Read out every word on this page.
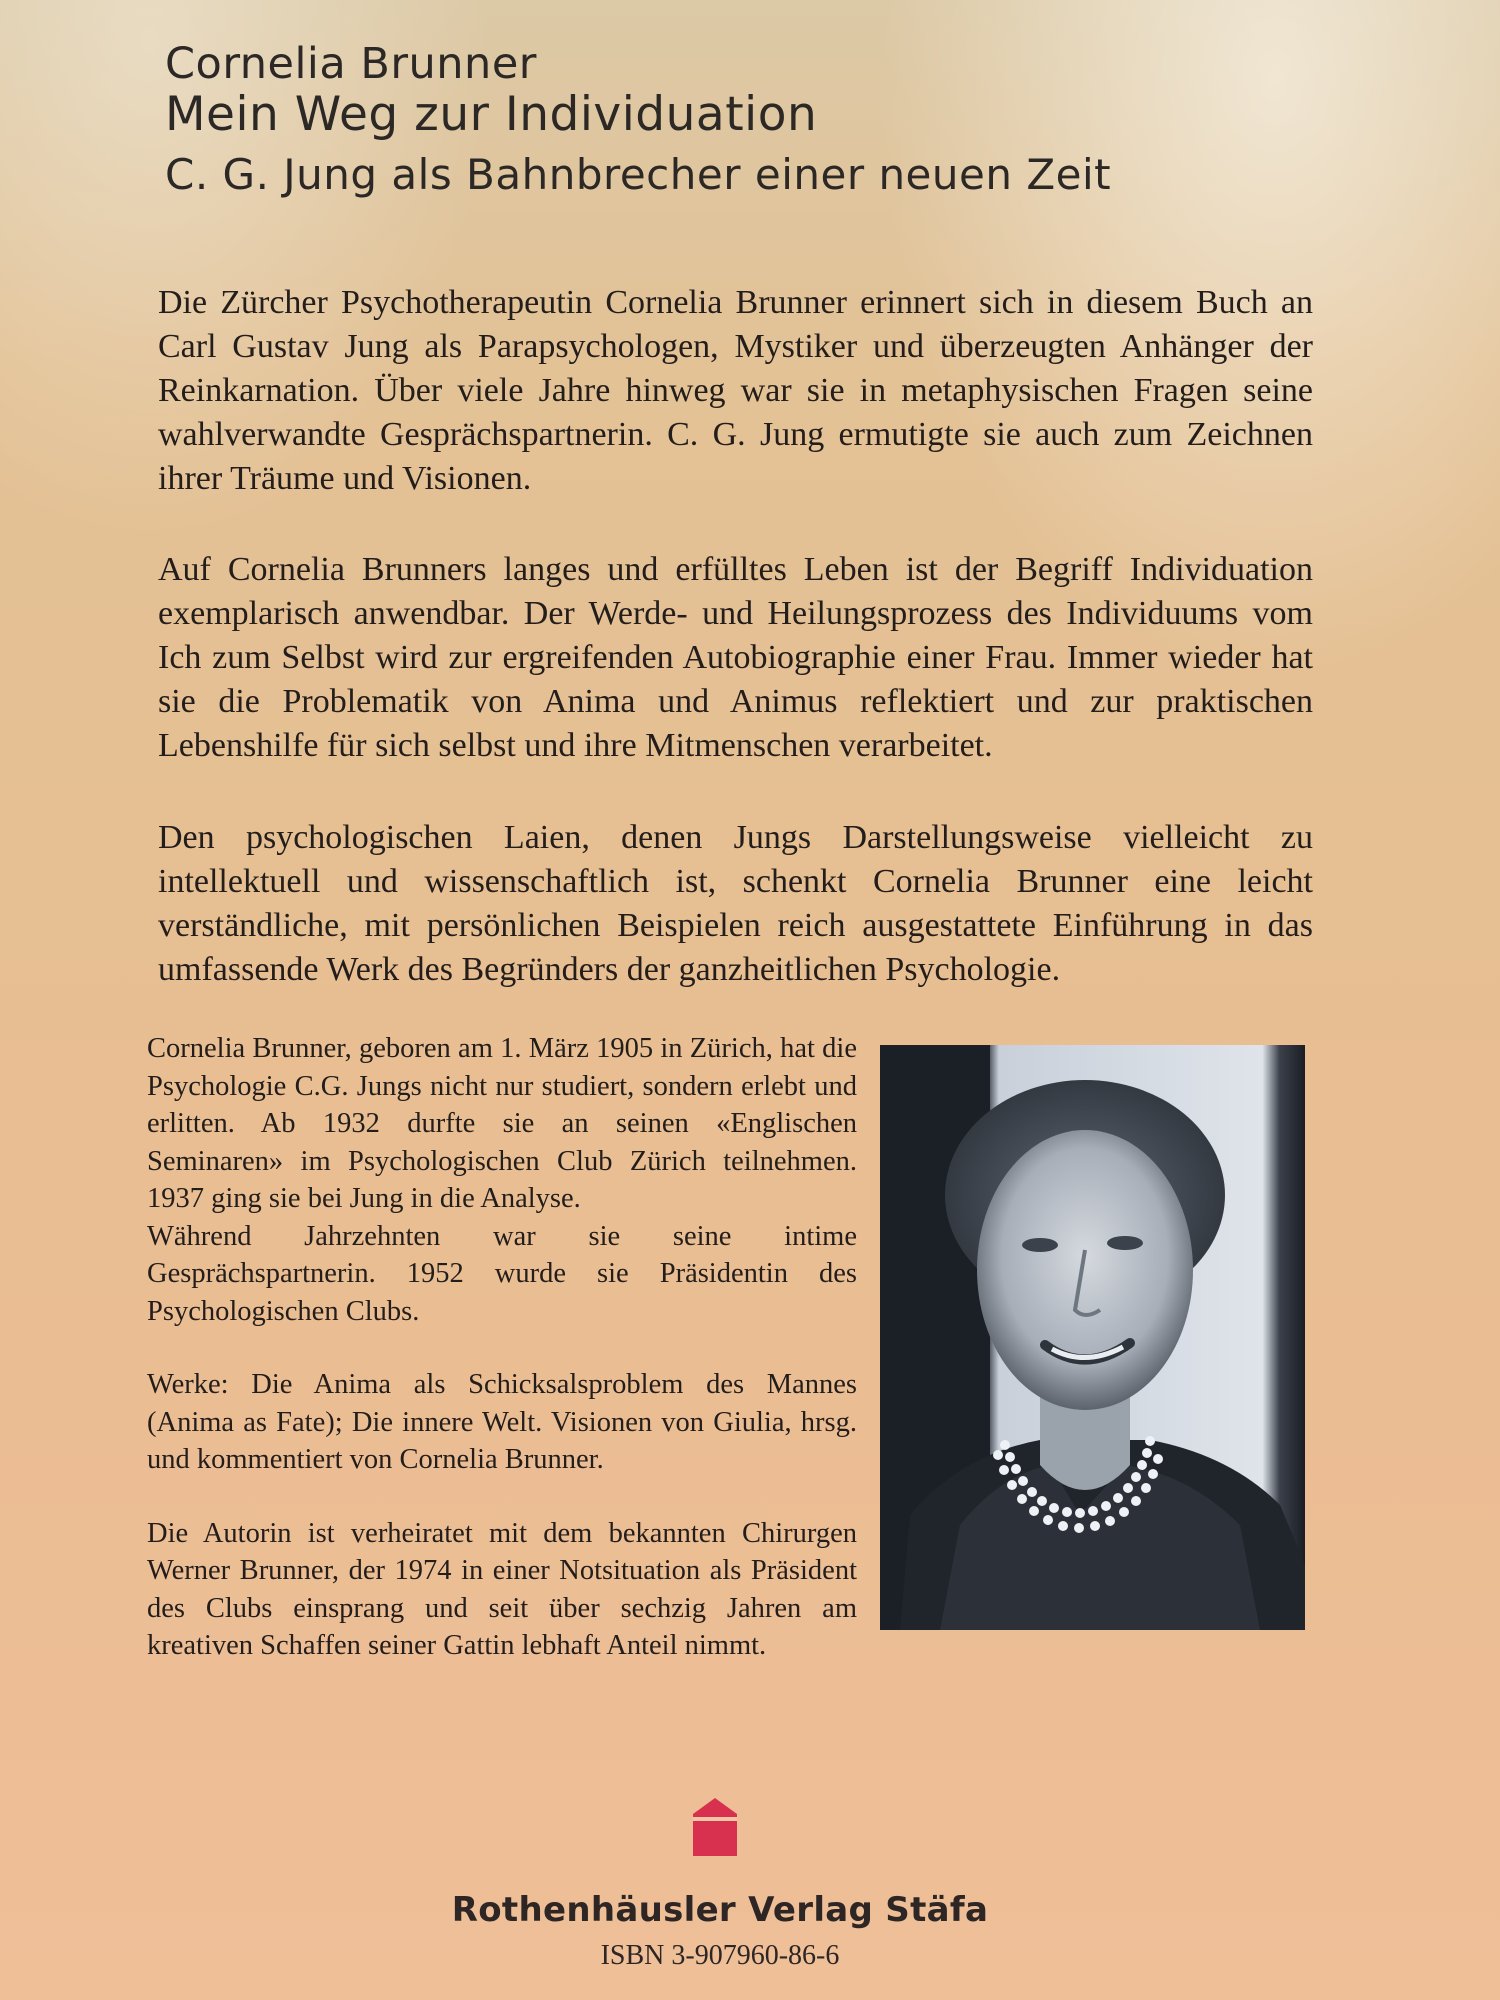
Cornelia Brunner
Mein Weg zur Individuation
C. G. Jung als Bahnbrecher einer neuen Zeit

Die Zürcher Psychotherapeutin Cornelia Brunner erinnert sich in diesem Buch an Carl Gustav Jung als Parapsychologen, Mystiker und überzeugten Anhänger der Reinkarnation. Über viele Jahre hinweg war sie in metaphysischen Fragen seine wahlverwandte Gesprächspartnerin. C. G. Jung ermutigte sie auch zum Zeichnen ihrer Träume und Visionen.

Auf Cornelia Brunners langes und erfülltes Leben ist der Begriff Individuation exemplarisch anwendbar. Der Werde- und Heilungsprozess des Individuums vom Ich zum Selbst wird zur ergreifenden Autobiographie einer Frau. Immer wieder hat sie die Problematik von Anima und Animus reflektiert und zur praktischen Lebenshilfe für sich selbst und ihre Mitmenschen verarbeitet.

Den psychologischen Laien, denen Jungs Darstellungsweise vielleicht zu intellektuell und wissenschaftlich ist, schenkt Cornelia Brunner eine leicht verständliche, mit persönlichen Beispielen reich ausgestattete Einführung in das umfassende Werk des Begründers der ganzheitlichen Psychologie.

Cornelia Brunner, geboren am 1. März 1905 in Zürich, hat die Psychologie C.G. Jungs nicht nur studiert, sondern erlebt und erlitten. Ab 1932 durfte sie an seinen «Englischen Seminaren» im Psychologischen Club Zürich teilnehmen. 1937 ging sie bei Jung in die Analyse.

Während Jahrzehnten war sie seine intime Gesprächspartnerin. 1952 wurde sie Präsidentin des Psychologischen Clubs.

Werke: Die Anima als Schicksalsproblem des Mannes (Anima as Fate); Die innere Welt. Visionen von Giulia, hrsg. und kommentiert von Cornelia Brunner.

Die Autorin ist verheiratet mit dem bekannten Chirurgen Werner Brunner, der 1974 in einer Notsituation als Präsident des Clubs einsprang und seit über sechzig Jahren am kreativen Schaffen seiner Gattin lebhaft Anteil nimmt.

Rothenhäusler Verlag Stäfa
ISBN 3-907960-86-6
